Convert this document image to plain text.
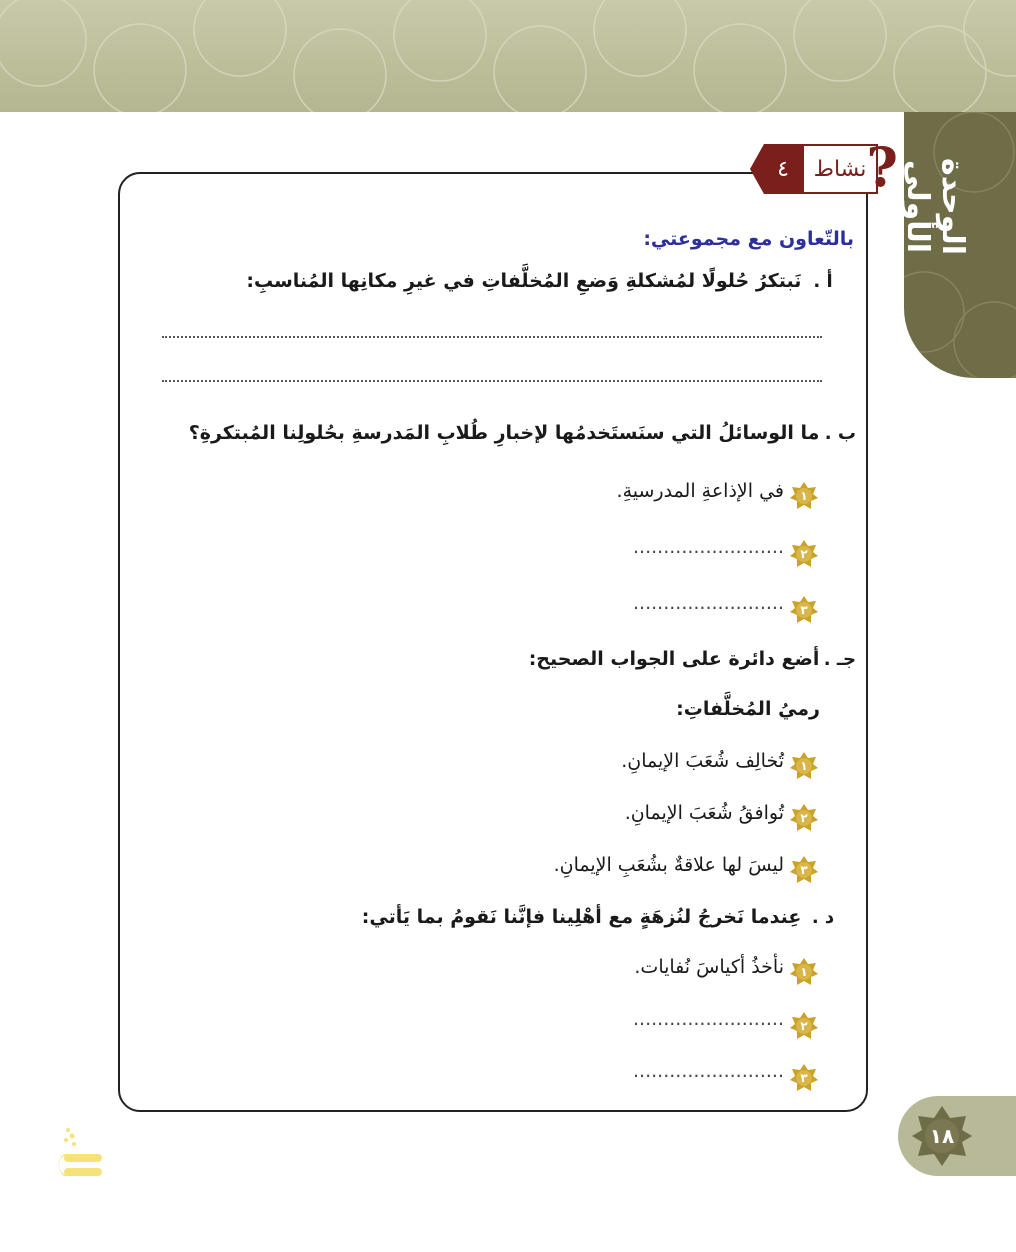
الوحدة الأولى
٤	نشاط ?
بالتّعاون مع مجموعتي:
أ . نَبتكرُ حُلولًا لمُشكلةِ وَضعِ المُخلَّفاتِ في غيرِ مكانِها المُناسبِ:
ب . ما الوسائلُ التي سنَستَخدمُها لإخبارِ طُلابِ المَدرسةِ بحُلولِنا المُبتكرةِ؟
١
في الإذاعةِ المدرسيةِ.
٢
.........................
٣
.........................
جـ . أضع دائرة على الجواب الصحيح:
رميُ المُخلَّفاتِ:
١
تُخالِف شُعَبَ الإيمانِ.
٢
تُوافقُ شُعَبَ الإيمانِ.
٣
ليسَ لها علاقةٌ بشُعَبِ الإيمانِ.
د . عِندما نَخرجُ لنُزهَةٍ مع أهْلِينا فإنَّنا نَقومُ بما يَأتي:
١
نأخذُ أكياسَ نُفايات.
٢
.........................
٣
.........................
١٨
